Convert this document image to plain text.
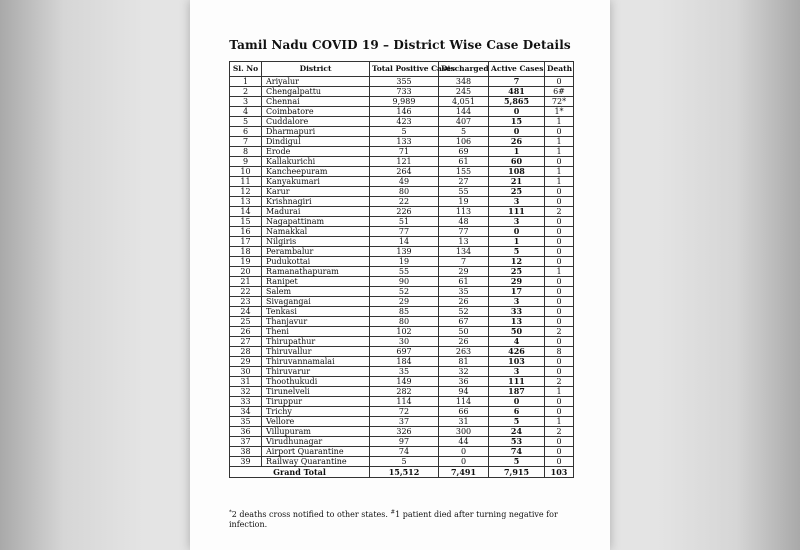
Tamil Nadu COVID 19 – District Wise Case Details
Sl. No	District	Total Positive Cases	Discharged	Active Cases	Death
1	Ariyalur	355	348	7	0
2	Chengalpattu	733	245	481	6#
3	Chennai	9,989	4,051	5,865	72*
4	Coimbatore	146	144	0	1*
5	Cuddalore	423	407	15	1
6	Dharmapuri	5	5	0	0
7	Dindigul	133	106	26	1
8	Erode	71	69	1	1
9	Kallakurichi	121	61	60	0
10	Kancheepuram	264	155	108	1
11	Kanyakumari	49	27	21	1
12	Karur	80	55	25	0
13	Krishnagiri	22	19	3	0
14	Madurai	226	113	111	2
15	Nagapattinam	51	48	3	0
16	Namakkal	77	77	0	0
17	Nilgiris	14	13	1	0
18	Perambalur	139	134	5	0
19	Pudukottai	19	7	12	0
20	Ramanathapuram	55	29	25	1
21	Ranipet	90	61	29	0
22	Salem	52	35	17	0
23	Sivagangai	29	26	3	0
24	Tenkasi	85	52	33	0
25	Thanjavur	80	67	13	0
26	Theni	102	50	50	2
27	Thirupathur	30	26	4	0
28	Thiruvallur	697	263	426	8
29	Thiruvannamalai	184	81	103	0
30	Thiruvarur	35	32	3	0
31	Thoothukudi	149	36	111	2
32	Tirunelveli	282	94	187	1
33	Tiruppur	114	114	0	0
34	Trichy	72	66	6	0
35	Vellore	37	31	5	1
36	Villupuram	326	300	24	2
37	Virudhunagar	97	44	53	0
38	Airport Quarantine	74	0	74	0
39	Railway Quarantine	5	0	5	0
Grand Total		15,512	7,491	7,915	103
*2 deaths cross notified to other states. #1 patient died after turning negative for infection.
